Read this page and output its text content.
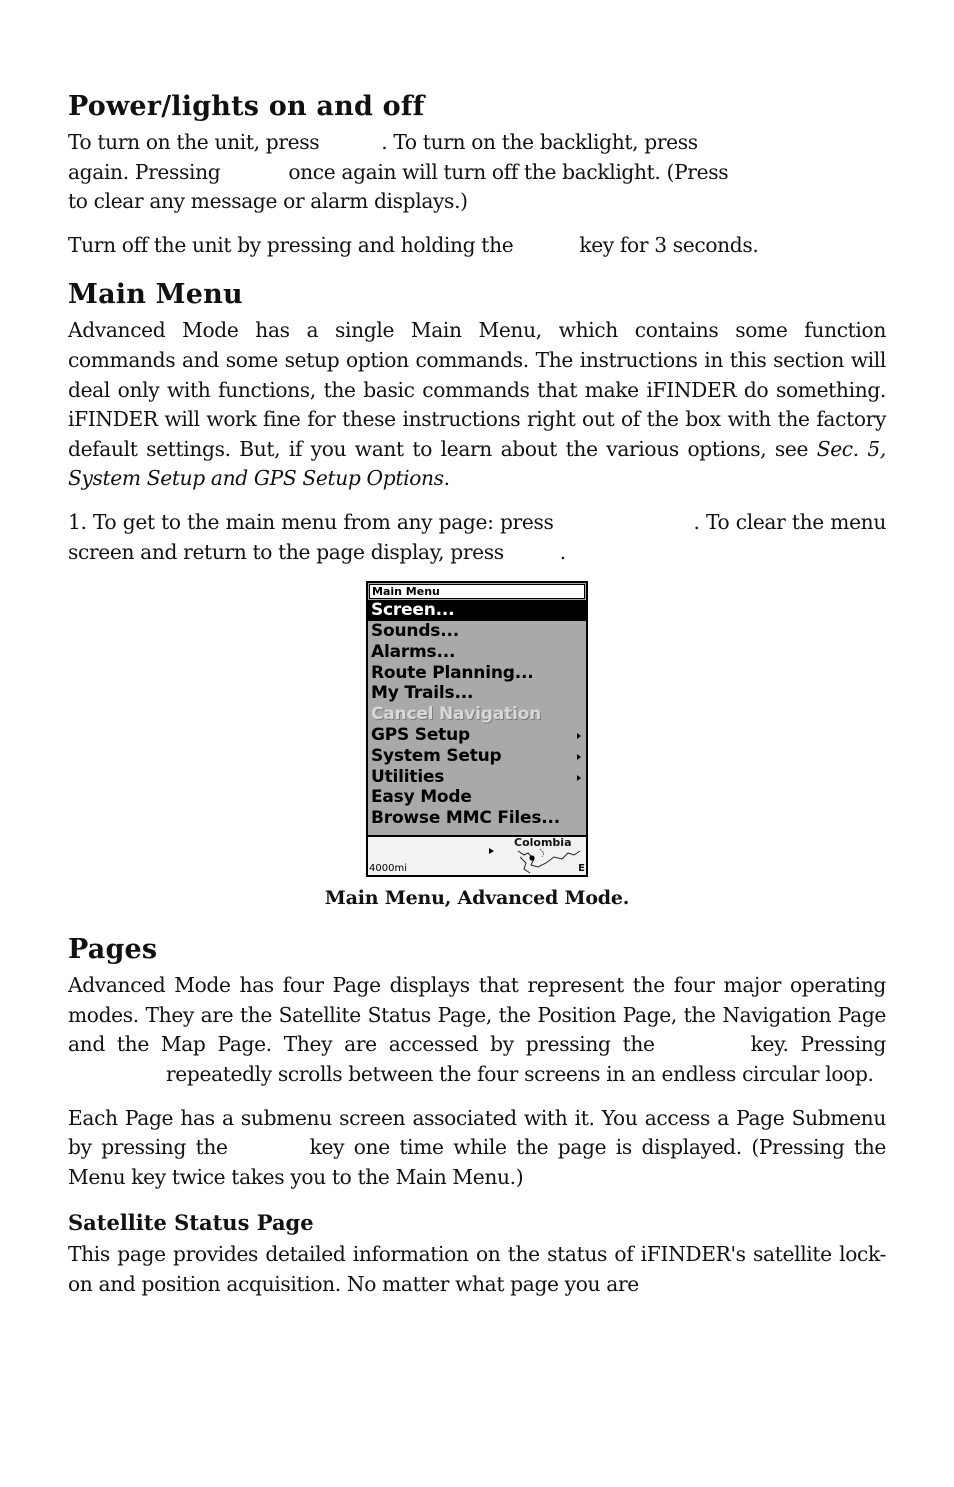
Power/lights on and off

To turn on the unit, press	. To turn on the backlight, press
again. Pressing	once again will turn off the backlight. (Press
to clear any message or alarm displays.)

Turn off the unit by pressing and holding the	key for 3 seconds.

Main Menu

Advanced Mode has a single Main Menu, which contains some function commands and some setup option commands. The instructions in this section will deal only with functions, the basic commands that make iFINDER do something. iFINDER will work fine for these instructions right out of the box with the factory default settings. But, if you want to learn about the various options, see Sec. 5, System Setup and GPS Setup Options.

1. To get to the main menu from any page: press	. To clear the menu screen and return to the page display, press	.

Main Menu
Screen...
Sounds...
Alarms...
Route Planning...
My Trails...
Cancel Navigation
GPS Setup
System Setup
Utilities
Easy Mode
Browse MMC Files...
Colombia
4000mi	E
Main Menu, Advanced Mode.
Pages

Advanced Mode has four Page displays that represent the four major operating modes. They are the Satellite Status Page, the Position Page, the Navigation Page and the Map Page. They are accessed by pressing the	key. Pressingrepeatedly scrolls between the four screens in an endless circular loop.

Each Page has a submenu screen associated with it. You access a Page Submenu by pressing the	key one time while the page is displayed. (Pressing the Menu key twice takes you to the Main Menu.)

Satellite Status Page

This page provides detailed information on the status of iFINDER's satellite lock-on and position acquisition. No matter what page you are
